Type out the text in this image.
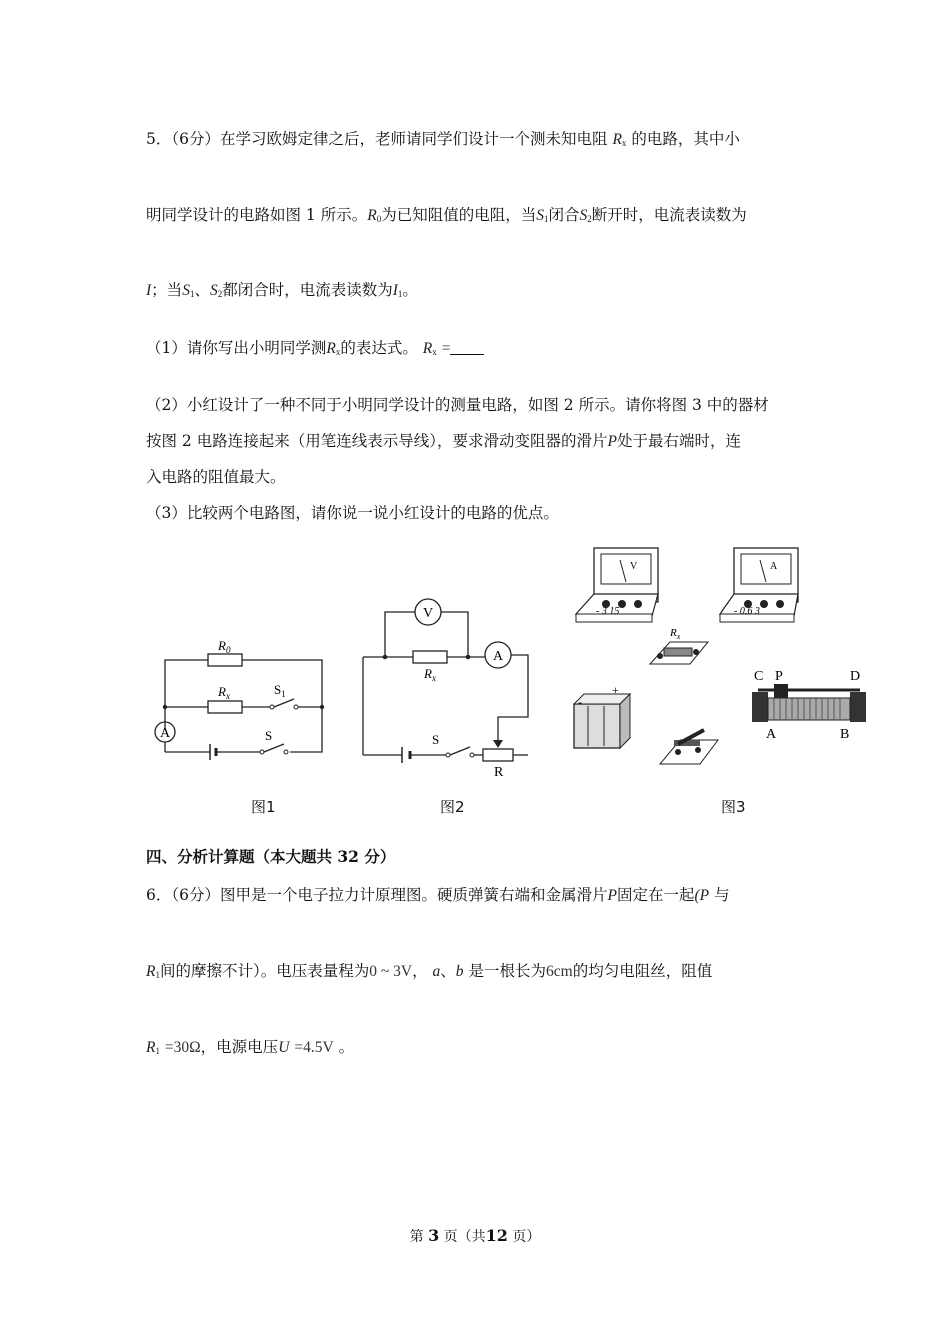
5．（6分）在学习欧姆定律之后，老师请同学们设计一个测未知电阻 $R_x$ 的电路，其中小
明同学设计的电路如图 1 所示。$R_0$为已知阻值的电阻，当$S_1$闭合$S_2$断开时，电流表读数为
I；当$S_1$、$S_2$都闭合时，电流表读数为$I_1$。
（1）请你写出小明同学测$R_x$的表达式。 $R_x$ =
（2）小红设计了一种不同于小明同学设计的测量电路，如图 2 所示。请你将图 3 中的器材
按图 2 电路连接起来（用笔连线表示导线），要求滑动变阻器的滑片P处于最右端时，连
入电路的阻值最大。
（3）比较两个电路图，请你说一说小红设计的电路的优点。
A
$R_0$
$R_x$	$S_1$
S
图1
V
A
$R_x$
S
R
图2
V
- 3 15
A
- 0.6 3
$R_x$
+
-
C P	D
A	B
图3
四、分析计算题（本大题共 32 分）
6．（6分）图甲是一个电子拉力计原理图。硬质弹簧右端和金属滑片P固定在一起(P 与
$R_1$间的摩擦不计）。电压表量程为0 ~ 3V， a、b 是一根长为6cm的均匀电阻丝，阻值
$R_1 =30\Omega$，电源电压U =4.5V 。
第 3 页（共12 页）
